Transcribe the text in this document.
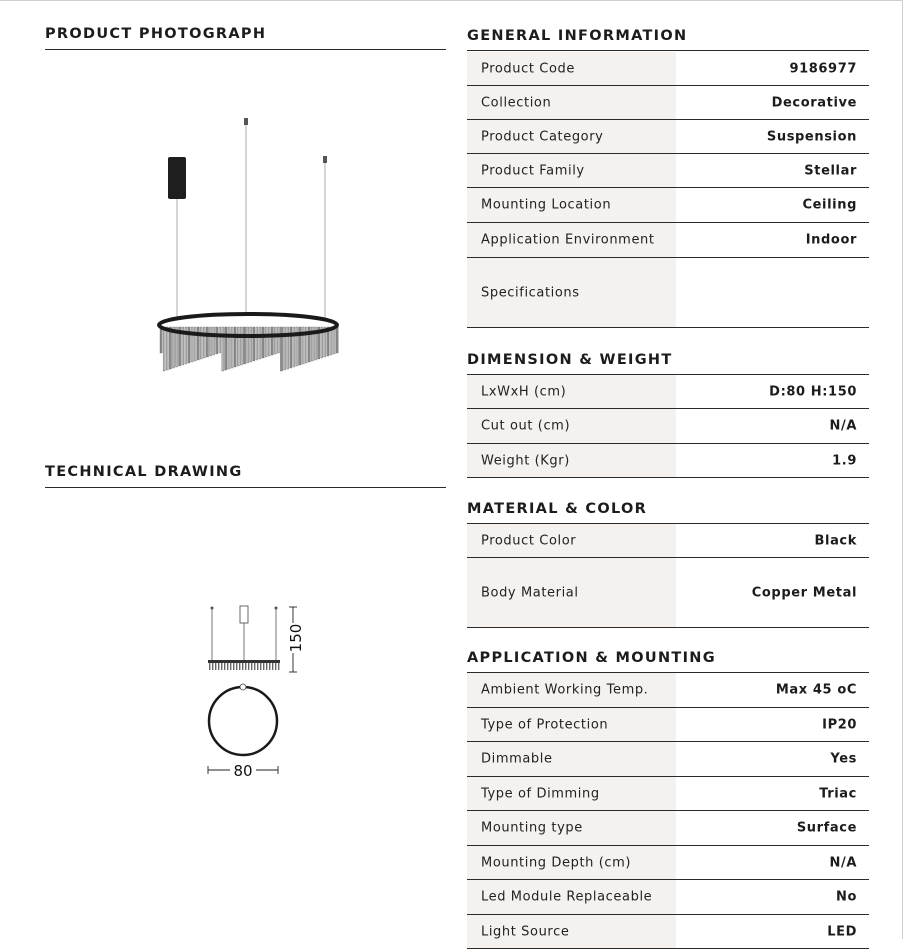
PRODUCT PHOTOGRAPH
TECHNICAL DRAWING
150
80
GENERAL INFORMATION
Product Code	9186977
Collection	Decorative
Product Category	Suspension
Product Family	Stellar
Mounting Location	Ceiling
Application Environment	Indoor
Specifications
DIMENSION & WEIGHT
LxWxH (cm)	D:80 H:150
Cut out (cm)	N/A
Weight (Kgr)	1.9
MATERIAL & COLOR
Product Color	Black
Body Material	Copper Metal
APPLICATION & MOUNTING
Ambient Working Temp.	Max 45 oC
Type of Protection	IP20
Dimmable	Yes
Type of Dimming	Triac
Mounting type	Surface
Mounting Depth (cm)	N/A
Led Module Replaceable	No
Light Source	LED
